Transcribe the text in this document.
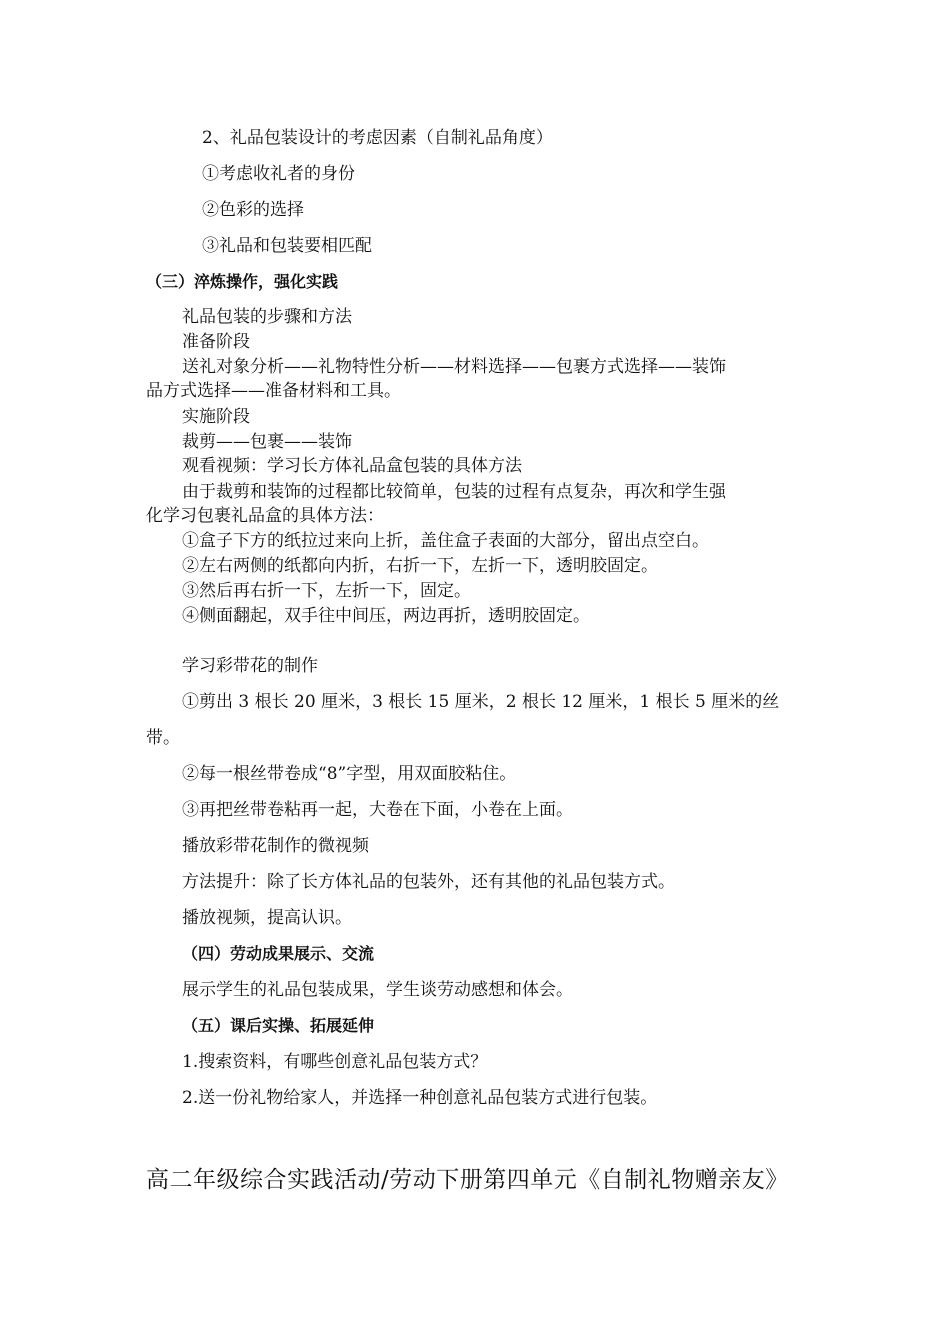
2、礼品包装设计的考虑因素（自制礼品角度）
①考虑收礼者的身份
②色彩的选择
③礼品和包装要相匹配
（三）淬炼操作，强化实践
礼品包装的步骤和方法
准备阶段
送礼对象分析——礼物特性分析——材料选择——包裹方式选择——装饰
品方式选择——准备材料和工具。
实施阶段
裁剪——包裹——装饰
观看视频：学习长方体礼品盒包装的具体方法
由于裁剪和装饰的过程都比较简单，包装的过程有点复杂，再次和学生强
化学习包裹礼品盒的具体方法：
①盒子下方的纸拉过来向上折，盖住盒子表面的大部分，留出点空白。
②左右两侧的纸都向内折，右折一下，左折一下，透明胶固定。
③然后再右折一下，左折一下，固定。
④侧面翻起，双手往中间压，两边再折，透明胶固定。
学习彩带花的制作
①剪出 3 根长 20 厘米，3 根长 15 厘米，2 根长 12 厘米，1 根长 5 厘米的丝
带。
②每一根丝带卷成“8”字型，用双面胶粘住。
③再把丝带卷粘再一起，大卷在下面，小卷在上面。
播放彩带花制作的微视频
方法提升：除了长方体礼品的包装外，还有其他的礼品包装方式。
播放视频，提高认识。
（四）劳动成果展示、交流
展示学生的礼品包装成果，学生谈劳动感想和体会。
（五）课后实操、拓展延伸
1.搜索资料，有哪些创意礼品包装方式？
2.送一份礼物给家人，并选择一种创意礼品包装方式进行包装。
高二年级综合实践活动/劳动下册第四单元《自制礼物赠亲友》
